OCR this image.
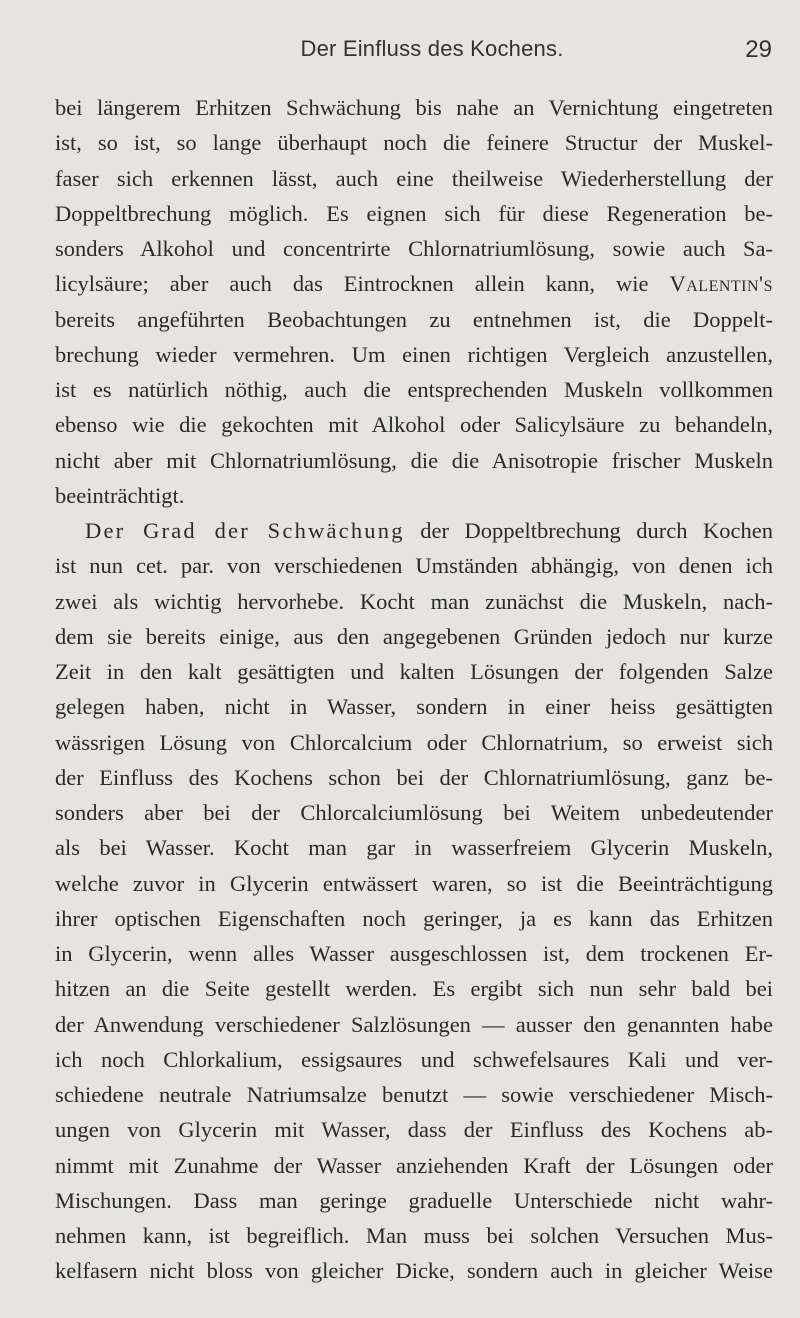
Der Einfluss des Kochens.	29
bei längerem Erhitzen Schwächung bis nahe an Vernichtung eingetreten
ist, so ist, so lange überhaupt noch die feinere Structur der Muskel-
faser sich erkennen lässt, auch eine theilweise Wiederherstellung der
Doppeltbrechung möglich. Es eignen sich für diese Regeneration be-
sonders Alkohol und concentrirte Chlornatriumlösung, sowie auch Sa-
licylsäure; aber auch das Eintrocknen allein kann, wie Valentin's
bereits angeführten Beobachtungen zu entnehmen ist, die Doppelt-
brechung wieder vermehren. Um einen richtigen Vergleich anzustellen,
ist es natürlich nöthig, auch die entsprechenden Muskeln vollkommen
ebenso wie die gekochten mit Alkohol oder Salicylsäure zu behandeln,
nicht aber mit Chlornatriumlösung, die die Anisotropie frischer Muskeln
beeinträchtigt.
Der Grad der Schwächung der Doppeltbrechung durch Kochen
ist nun cet. par. von verschiedenen Umständen abhängig, von denen ich
zwei als wichtig hervorhebe. Kocht man zunächst die Muskeln, nach-
dem sie bereits einige, aus den angegebenen Gründen jedoch nur kurze
Zeit in den kalt gesättigten und kalten Lösungen der folgenden Salze
gelegen haben, nicht in Wasser, sondern in einer heiss gesättigten
wässrigen Lösung von Chlorcalcium oder Chlornatrium, so erweist sich
der Einfluss des Kochens schon bei der Chlornatriumlösung, ganz be-
sonders aber bei der Chlorcalciumlösung bei Weitem unbedeutender
als bei Wasser. Kocht man gar in wasserfreiem Glycerin Muskeln,
welche zuvor in Glycerin entwässert waren, so ist die Beeinträchtigung
ihrer optischen Eigenschaften noch geringer, ja es kann das Erhitzen
in Glycerin, wenn alles Wasser ausgeschlossen ist, dem trockenen Er-
hitzen an die Seite gestellt werden. Es ergibt sich nun sehr bald bei
der Anwendung verschiedener Salzlösungen — ausser den genannten habe
ich noch Chlorkalium, essigsaures und schwefelsaures Kali und ver-
schiedene neutrale Natriumsalze benutzt — sowie verschiedener Misch-
ungen von Glycerin mit Wasser, dass der Einfluss des Kochens ab-
nimmt mit Zunahme der Wasser anziehenden Kraft der Lösungen oder
Mischungen. Dass man geringe graduelle Unterschiede nicht wahr-
nehmen kann, ist begreiflich. Man muss bei solchen Versuchen Mus-
kelfasern nicht bloss von gleicher Dicke, sondern auch in gleicher Weise
